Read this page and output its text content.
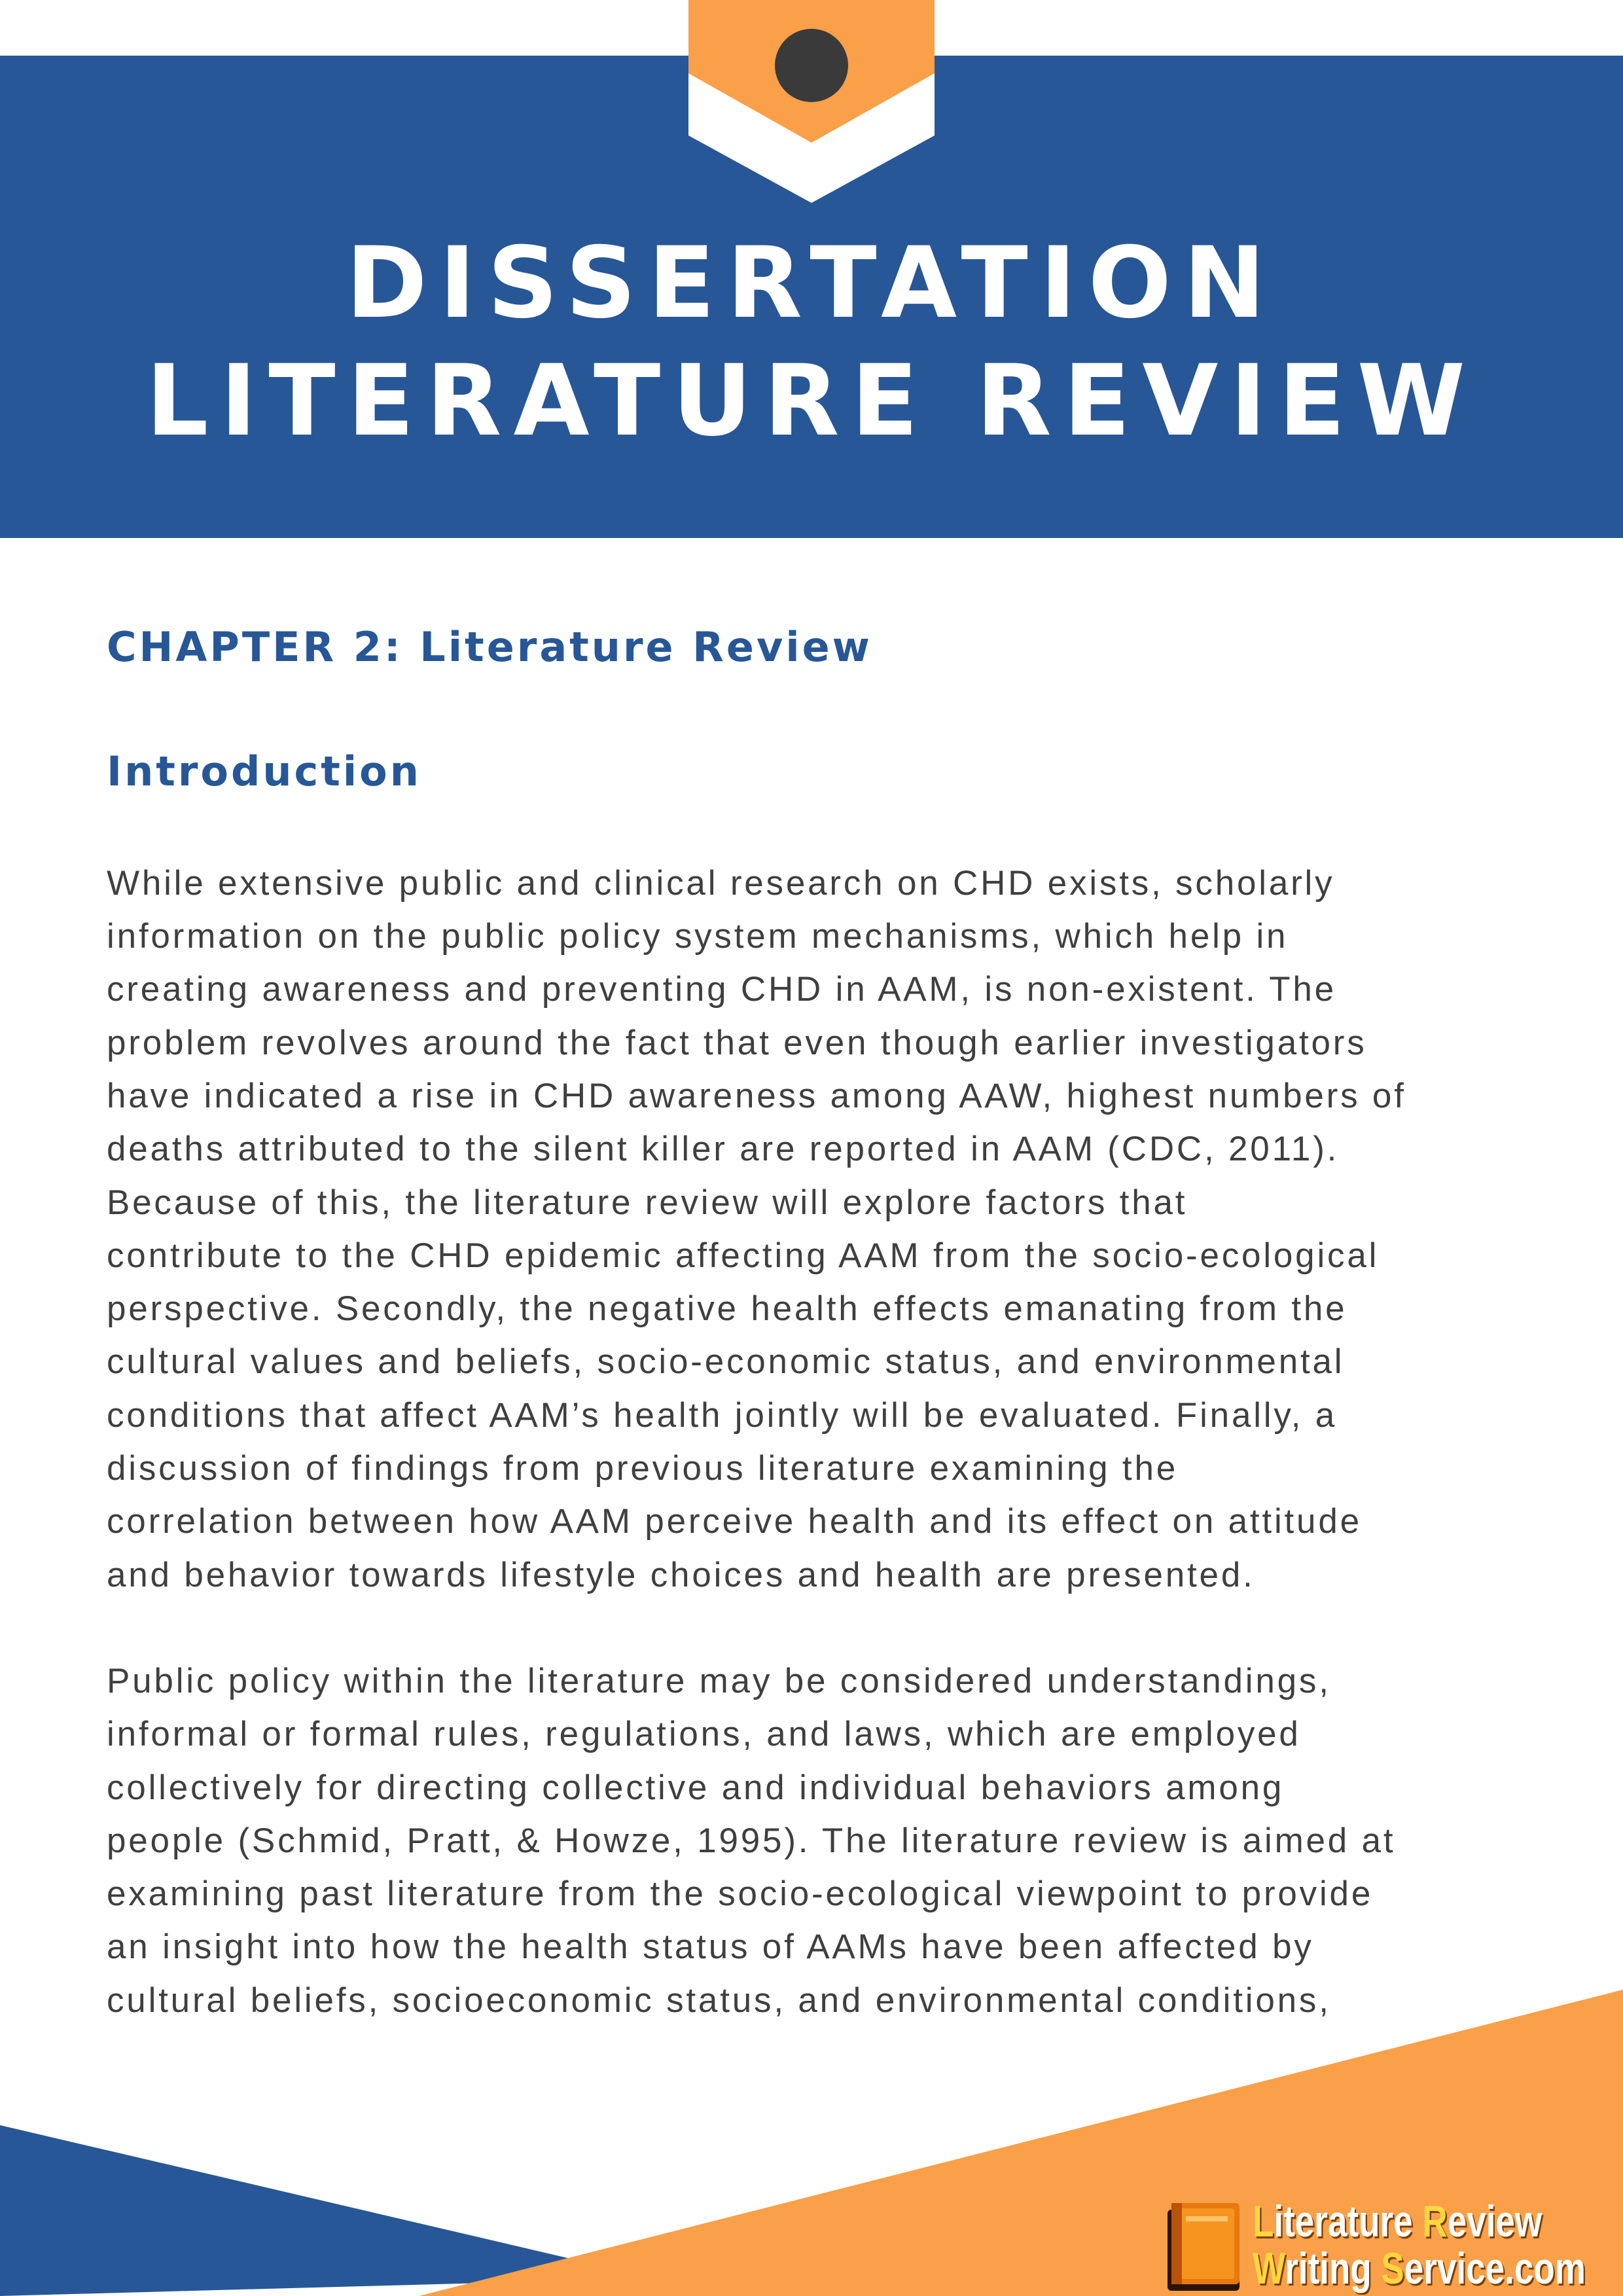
DISSERTATION
LITERATURE REVIEW
CHAPTER 2: Literature Review
Introduction

While extensive public and clinical research on CHD exists, scholarly
information on the public policy system mechanisms, which help in
creating awareness and preventing CHD in AAM, is non-existent. The
problem revolves around the fact that even though earlier investigators
have indicated a rise in CHD awareness among AAW, highest numbers of
deaths attributed to the silent killer are reported in AAM (CDC, 2011).
Because of this, the literature review will explore factors that
contribute to the CHD epidemic affecting AAM from the socio-ecological
perspective. Secondly, the negative health effects emanating from the
cultural values and beliefs, socio-economic status, and environmental
conditions that affect AAM’s health jointly will be evaluated. Finally, a
discussion of findings from previous literature examining the
correlation between how AAM perceive health and its effect on attitude
and behavior towards lifestyle choices and health are presented.

Public policy within the literature may be considered understandings,
informal or formal rules, regulations, and laws, which are employed
collectively for directing collective and individual behaviors among
people (Schmid, Pratt, & Howze, 1995). The literature review is aimed at
examining past literature from the socio-ecological viewpoint to provide
an insight into how the health status of AAMs have been affected by
cultural beliefs, socioeconomic status, and environmental conditions,

Literature Review
Writing Service.com
